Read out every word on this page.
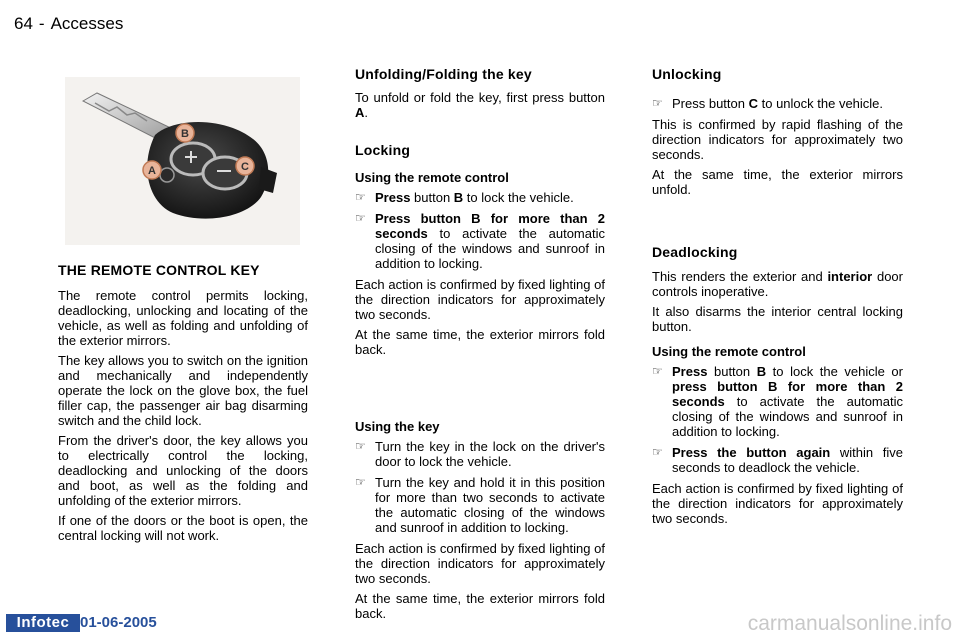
64 - Accesses
A
B
C

THE REMOTE CONTROL KEY

The remote control permits locking, deadlocking, unlocking and locating of the vehicle, as well as folding and unfolding of the exterior mirrors.

The key allows you to switch on the ignition and mechanically and independently operate the lock on the glove box, the fuel filler cap, the passenger air bag disarming switch and the child lock.

From the driver's door, the key allows you to electrically control the locking, deadlocking and unlocking of the doors and boot, as well as the folding and unfolding of the exterior mirrors.

If one of the doors or the boot is open, the central locking will not work.

Unfolding/Folding the key

To unfold or fold the key, first press button A.

Locking

Using the remote control

☞ Press button B to lock the vehicle.
☞ Press button B for more than 2 seconds to activate the automatic closing of the windows and sunroof in addition to locking.

Each action is confirmed by fixed lighting of the direction indicators for approximately two seconds.

At the same time, the exterior mirrors fold back.

Using the key

☞ Turn the key in the lock on the driver's door to lock the vehicle.
☞ Turn the key and hold it in this position for more than two seconds to activate the automatic closing of the windows and sunroof in addition to locking.

Each action is confirmed by fixed lighting of the direction indicators for approximately two seconds.

At the same time, the exterior mirrors fold back.

Unlocking

☞ Press button C to unlock the vehicle.

This is confirmed by rapid flashing of the direction indicators for approximately two seconds.

At the same time, the exterior mirrors unfold.

Deadlocking

This renders the exterior and interior door controls inoperative.

It also disarms the interior central locking button.

Using the remote control

☞ Press button B to lock the vehicle or press button B for more than 2 seconds to activate the automatic closing of the windows and sunroof in addition to locking.
☞ Press the button again within five seconds to deadlock the vehicle.

Each action is confirmed by fixed lighting of the direction indicators for approximately two seconds.

Infotec 01-06-2005	carmanualsonline.info
